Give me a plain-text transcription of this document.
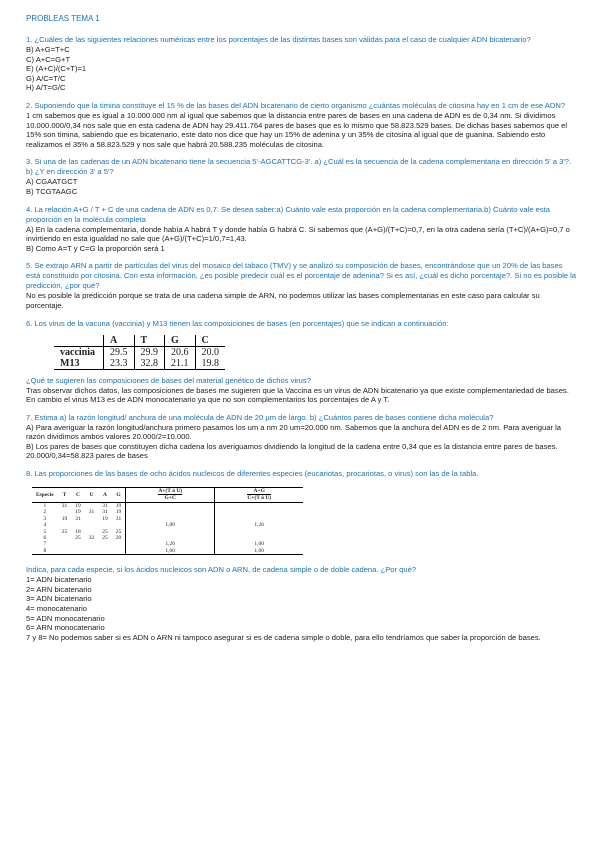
PROBLEAS TEMA 1
1. ¿Cuáles de las siguientes relaciones numéricas entre los porcentajes de las distintas bases son válidas para el caso de cualquier ADN bicatenario?
B) A+G=T+C
C) A+C=G+T
E) (A+C)/(C+T)=1
G) A/C=T/C
H) A/T=G/C
2. Suponiendo que la timina constituye el 15 % de las bases del ADN bicatenario de cierto organismo ¿cuántas moléculas de citosina hay en 1 cm de ese ADN?
1 cm sabemos que es igual a 10.000.000 nm al igual que sabemos que la distancia entre pares de bases en una cadena de ADN es de 0,34 nm. Si dividimos 10.000.000/0,34 nos sale que en esta cadena de ADN hay 29.411.764 pares de bases que es lo mismo que 58.823.529 bases. De dichas bases sabemos que el 15% son timina, sabiendo que es bicatenario, este dato nos dice que hay un 15% de adenina y un 35% de citosina al igual que de guanina. Sabiendo esto realizamos el 35% a 58.823.529 y nos sale que habrá 20.588.235 moléculas de citosina.
3. Si una de las cadenas de un ADN bicatenario tiene la secuencia 5'-AGCATTCG-3'. a) ¿Cuál es la secuencia de la cadena complementaria en dirección 5' a 3'?. b) ¿Y en dirección 3' a 5'?
A) CGAATGCT
B) TCGTAAGC
4. La relación A+G / T + C de una cadena de ADN es 0,7. Se desea saber:a) Cuánto vale esta proporción en la cadena complementaria.b) Cuánto vale esta proporción en la molécula completa
A) En la cadena complementaria, donde había A habrá T y donde había G habrá C. Si sabemos que (A+G)/(T+C)=0,7, en la otra cadena sería (T+C)/(A+G)=0,7 o invirtiendo en esta igualdad no sale que (A+G)/(T+C)=1/0,7=1,43.
B) Como A=T y C=G la proporción será 1
5. Se extrajo ARN a partir de partículas del virus del mosaico del tabaco (TMV) y se analizó su composición de bases, encontrándose que un 20% de las bases está constituido por citosina. Con esta información, ¿es posible predecir cuál es el porcentaje de adenina? Si es así, ¿cuál es dicho porcentaje?. Si no es posible la predicción, ¿por qué?
No es posible la predicción porque se trata de una cadena simple de ARN, no podemos utilizar las bases complementarias en este caso para calcular su porcentaje.
6. Los virus de la vacuna (vaccinia) y M13 tienen las composiciones de bases (en porcentajes) que se indican a continuación:
	A	T	G	C
vaccinia	29.5	29.9	20.6	20.0
M13	23.3	32.8	21.1	19.8
¿Qué te sugieren las composiciones de bases del material genético de dichos virus?
Tras observar dichos datos, las composiciones de bases me sugieren que la Vaccina es un virus de ADN bicatenario ya que existe complementariedad de bases. En cambio el virus M13 es de ADN monocatenario ya que no son complementarios los porcentajes de A y T.
7. Estima a) la razón longitud/ anchura de una molécula de ADN de 20 µm de largo. b) ¿Cuántos pares de bases contiene dicha molécula?
A) Para averiguar la razón longitud/anchura primero pasamos los um a nm 20 um=20.000 nm. Sabemos que la anchura del ADN es de 2 nm. Para averiguar la razón dividimos ambos valores 20.000/2=10.000.
B) Los pares de bases que constituyen dicha cadena los averiguamos dividiendo la longitud de la cadena entre 0,34 que es la distancia entre pares de bases. 20.000/0,34=58.823 pares de bases
8. Las proporciones de las bases de ocho ácidos nucleicos de diferentes especies (eucariotas, procariotas, o virus) son las de la tabla.
Especie	T	C	U	A	G	$\frac{\text{A+(T ó U)}}{G+C}$	$\frac{A+G}{\text{C+(T ó U)}}$

1	31	19		31	19		
2		19	31	31	19		
3	19	31		19	31		
4						1,00	1,26
5	25	18		25	25		
6		25	32	25	20		
7						1,26	1,00
8						1,00	1,00
Indica, para cada especie, si los ácidos nucleicos son ADN o ARN, de cadena simple o de doble cadena. ¿Por qué?
1= ADN bicatenario
2= ARN bicatenario
3= ADN bicatenario
4= monocatenario
5= ADN monocatenario
6= ARN monocatenario
7 y 8= No podemos saber si es ADN o ARN ni tampoco asegurar si es de cadena simple o doble, para ello tendríamos que saber la proporción de bases.
